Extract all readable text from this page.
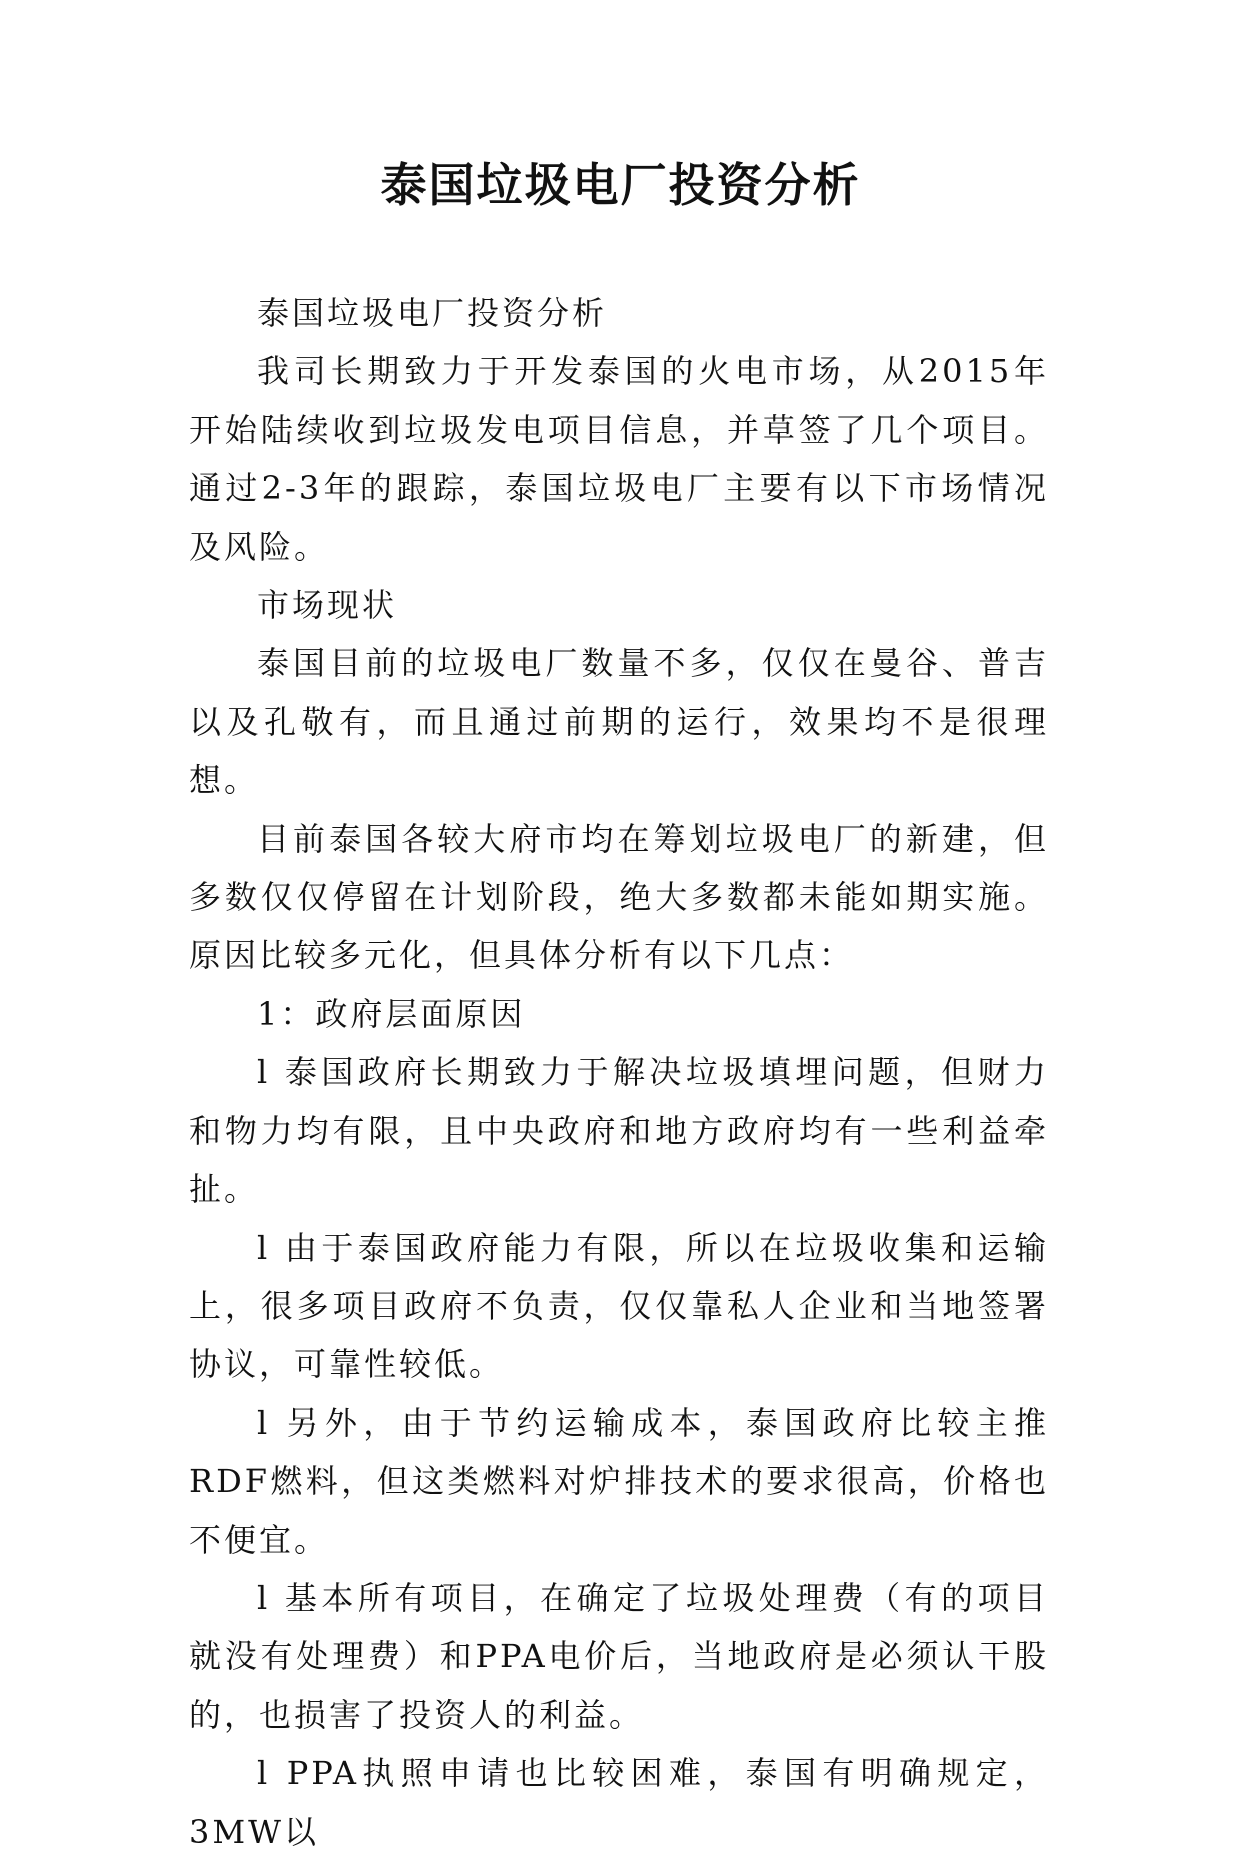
泰国垃圾电厂投资分析

泰国垃圾电厂投资分析

我司长期致力于开发泰国的火电市场，从2015年开始陆续收到垃圾发电项目信息，并草签了几个项目。通过2-3年的跟踪，泰国垃圾电厂主要有以下市场情况及风险。

市场现状

泰国目前的垃圾电厂数量不多，仅仅在曼谷、普吉以及孔敬有，而且通过前期的运行，效果均不是很理想。

目前泰国各较大府市均在筹划垃圾电厂的新建，但多数仅仅停留在计划阶段，绝大多数都未能如期实施。原因比较多元化，但具体分析有以下几点：

1：政府层面原因

l 泰国政府长期致力于解决垃圾填埋问题，但财力和物力均有限，且中央政府和地方政府均有一些利益牵扯。

l 由于泰国政府能力有限，所以在垃圾收集和运输上，很多项目政府不负责，仅仅靠私人企业和当地签署协议，可靠性较低。

l 另外，由于节约运输成本，泰国政府比较主推RDF燃料，但这类燃料对炉排技术的要求很高，价格也不便宜。

l 基本所有项目，在确定了垃圾处理费（有的项目就没有处理费）和PPA电价后，当地政府是必须认干股的，也损害了投资人的利益。

l PPA执照申请也比较困难，泰国有明确规定，3MW以
